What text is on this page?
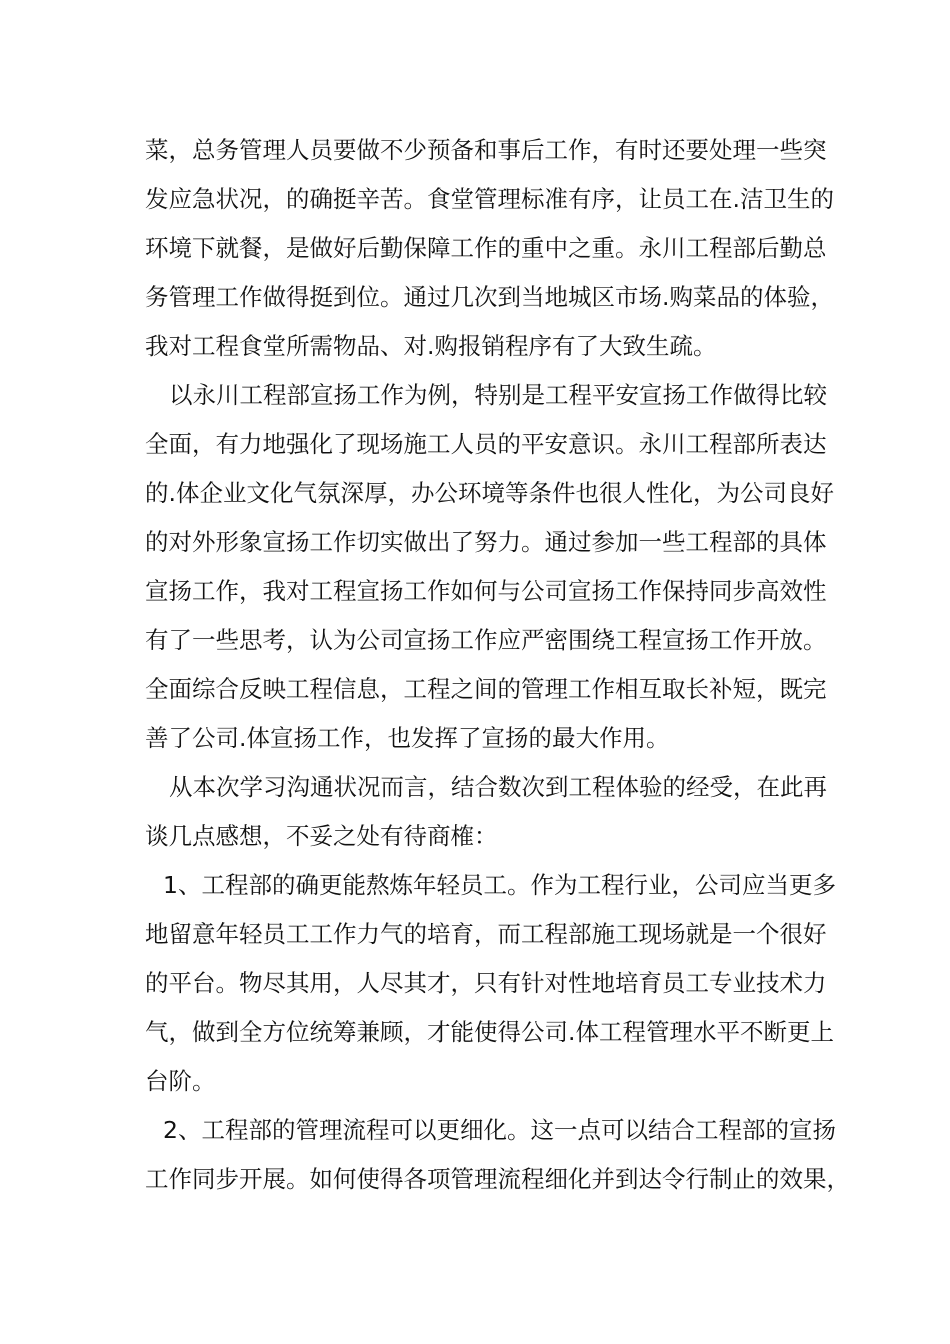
菜，总务管理人员要做不少预备和事后工作，有时还要处理一些突
发应急状况，的确挺辛苦。食堂管理标准有序，让员工在.洁卫生的
环境下就餐，是做好后勤保障工作的重中之重。永川工程部后勤总
务管理工作做得挺到位。通过几次到当地城区市场.购菜品的体验，
我对工程食堂所需物品、对.购报销程序有了大致生疏。
以永川工程部宣扬工作为例，特别是工程平安宣扬工作做得比较
全面，有力地强化了现场施工人员的平安意识。永川工程部所表达
的.体企业文化气氛深厚，办公环境等条件也很人性化，为公司良好
的对外形象宣扬工作切实做出了努力。通过参加一些工程部的具体
宣扬工作，我对工程宣扬工作如何与公司宣扬工作保持同步高效性
有了一些思考，认为公司宣扬工作应严密围绕工程宣扬工作开放。
全面综合反映工程信息，工程之间的管理工作相互取长补短，既完
善了公司.体宣扬工作，也发挥了宣扬的最大作用。
从本次学习沟通状况而言，结合数次到工程体验的经受，在此再
谈几点感想，不妥之处有待商榷：
1、工程部的确更能熬炼年轻员工。作为工程行业，公司应当更多
地留意年轻员工工作力气的培育，而工程部施工现场就是一个很好
的平台。物尽其用，人尽其才，只有针对性地培育员工专业技术力
气，做到全方位统筹兼顾，才能使得公司.体工程管理水平不断更上
台阶。
2、工程部的管理流程可以更细化。这一点可以结合工程部的宣扬
工作同步开展。如何使得各项管理流程细化并到达令行制止的效果，
